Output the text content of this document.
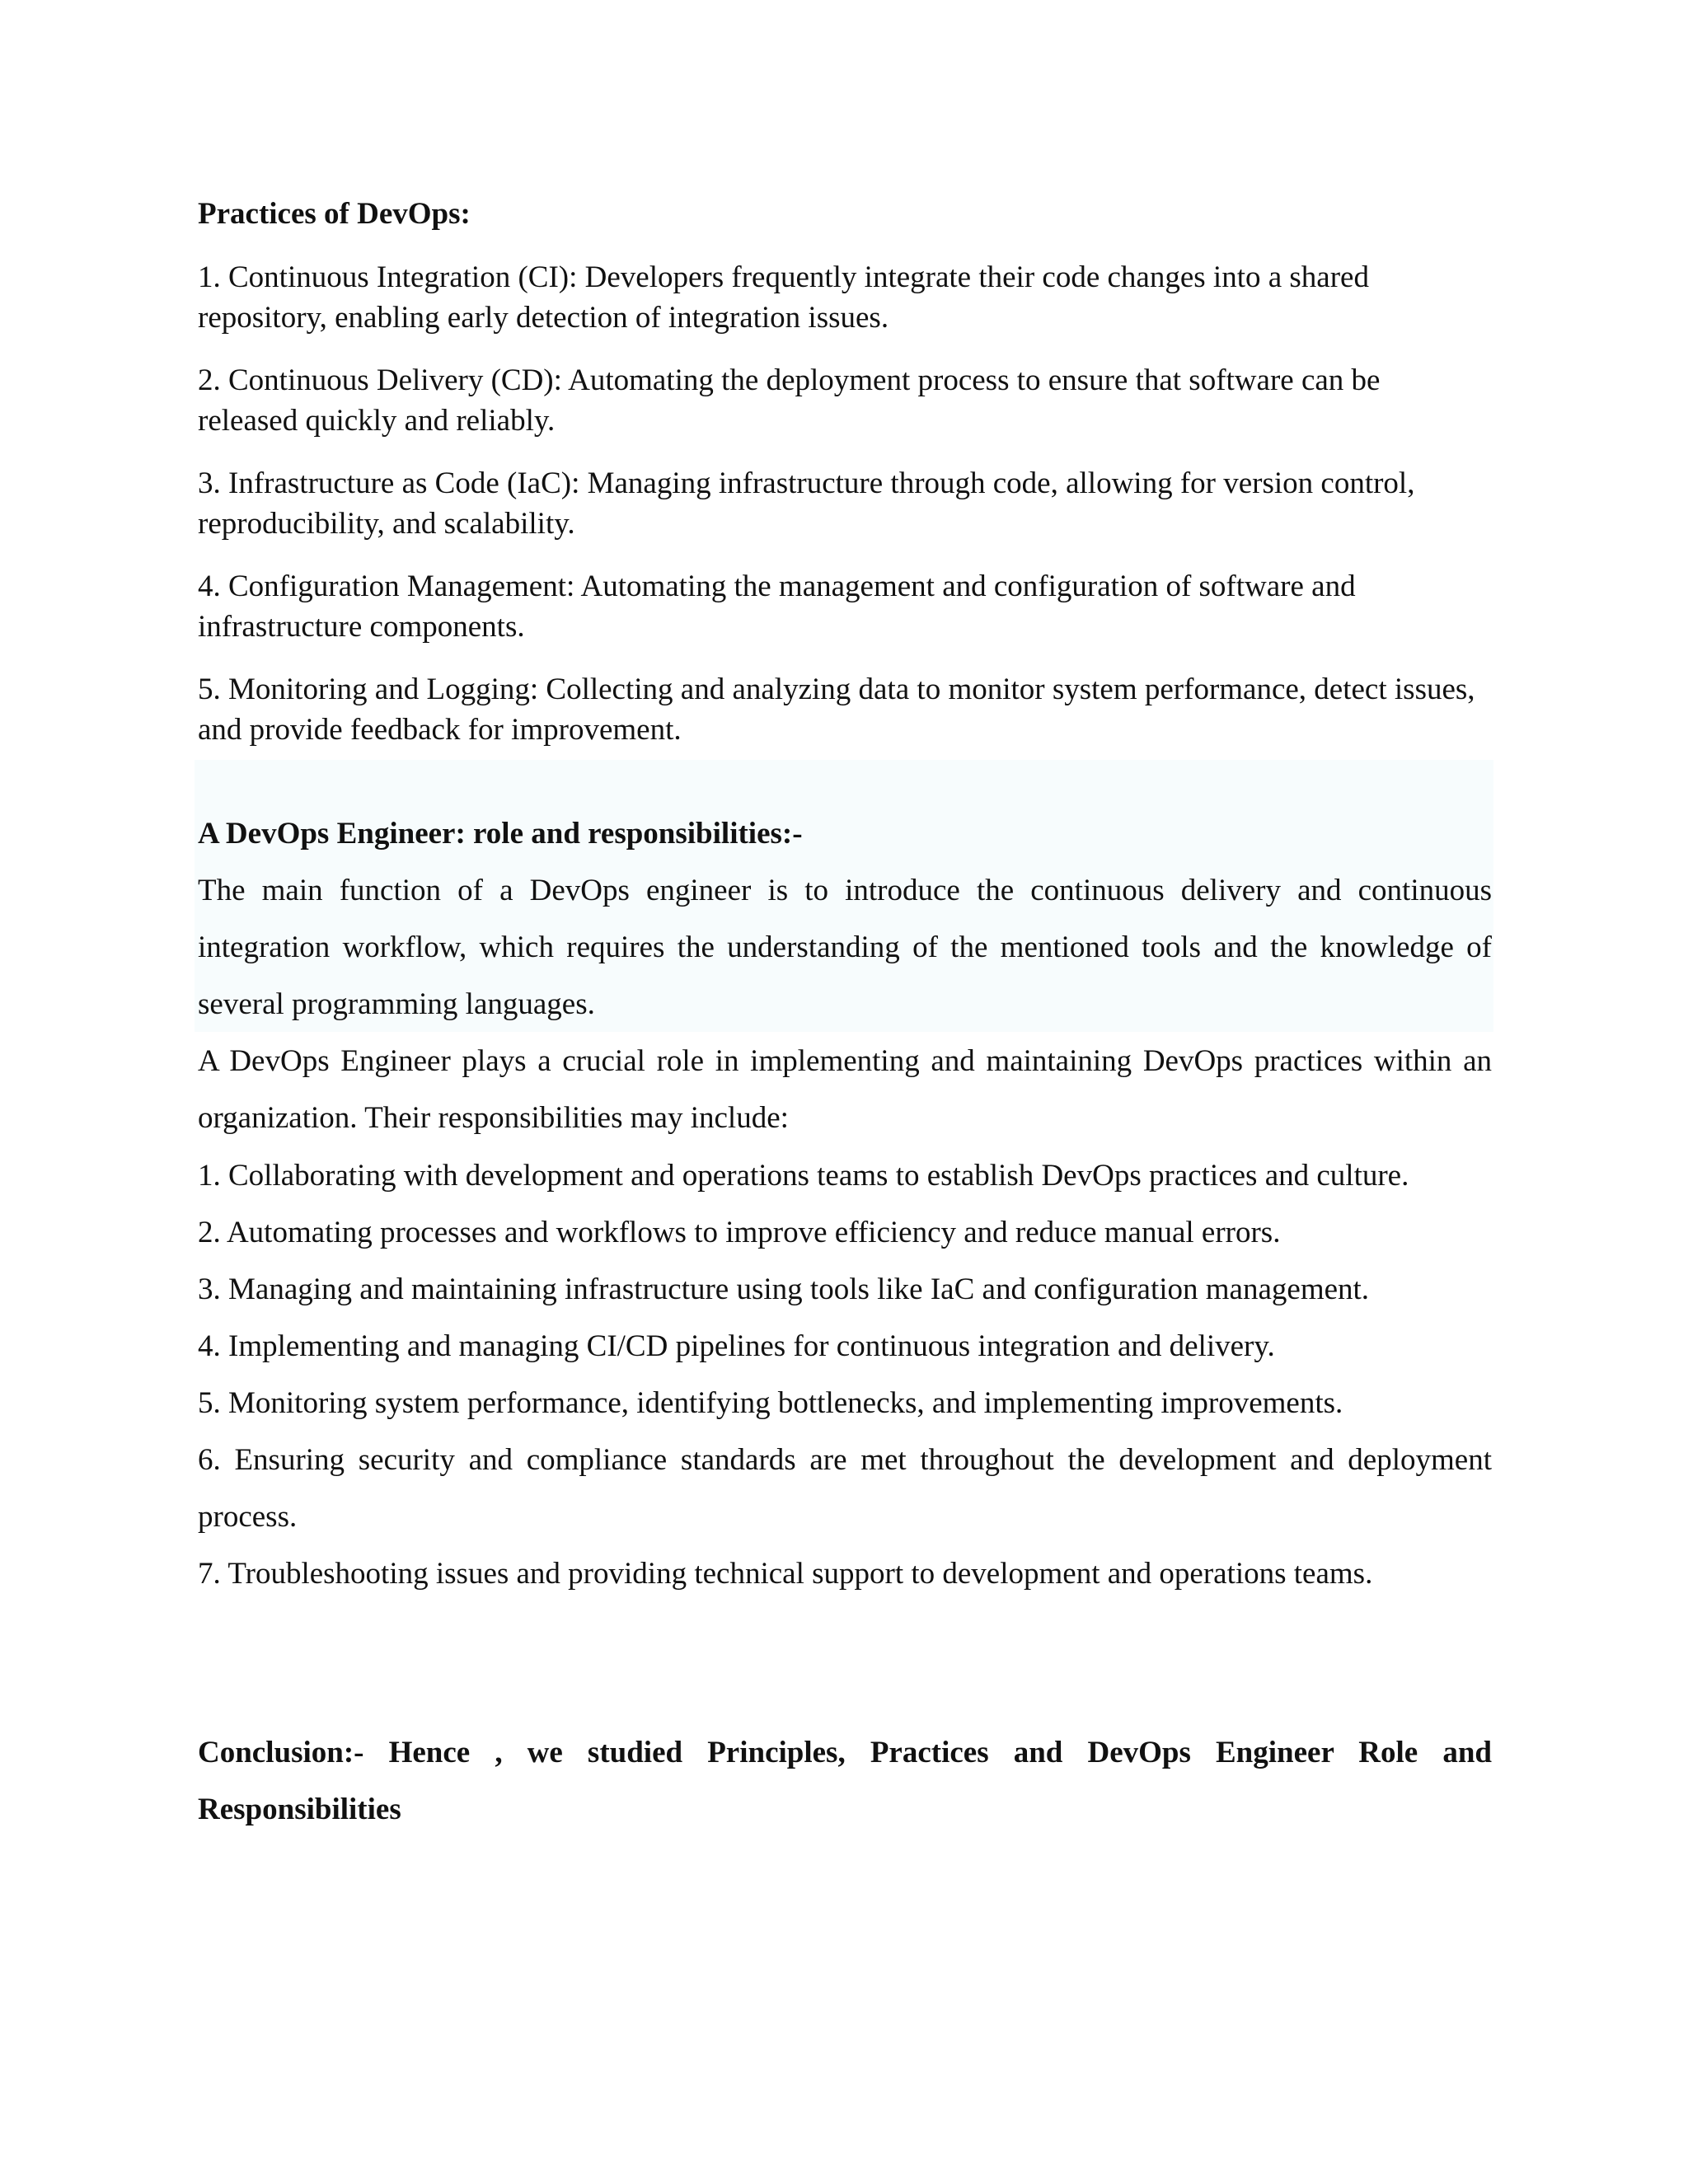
Practices of DevOps:

1. Continuous Integration (CI): Developers frequently integrate their code changes into a shared repository, enabling early detection of integration issues.

2. Continuous Delivery (CD): Automating the deployment process to ensure that software can be released quickly and reliably.

3. Infrastructure as Code (IaC): Managing infrastructure through code, allowing for version control, reproducibility, and scalability.

4. Configuration Management: Automating the management and configuration of software and infrastructure components.

5. Monitoring and Logging: Collecting and analyzing data to monitor system performance, detect issues, and provide feedback for improvement.

A DevOps Engineer: role and responsibilities:-

The main function of a DevOps engineer is to introduce the continuous delivery and continuous integration workflow, which requires the understanding of the mentioned tools and the knowledge of several programming languages.

A DevOps Engineer plays a crucial role in implementing and maintaining DevOps practices within an organization. Their responsibilities may include:

1. Collaborating with development and operations teams to establish DevOps practices and culture.

2. Automating processes and workflows to improve efficiency and reduce manual errors.

3. Managing and maintaining infrastructure using tools like IaC and configuration management.

4. Implementing and managing CI/CD pipelines for continuous integration and delivery.

5. Monitoring system performance, identifying bottlenecks, and implementing improvements.

6. Ensuring security and compliance standards are met throughout the development and deployment process.

7. Troubleshooting issues and providing technical support to development and operations teams.

Conclusion:- Hence , we studied Principles, Practices and DevOps Engineer Role and Responsibilities
